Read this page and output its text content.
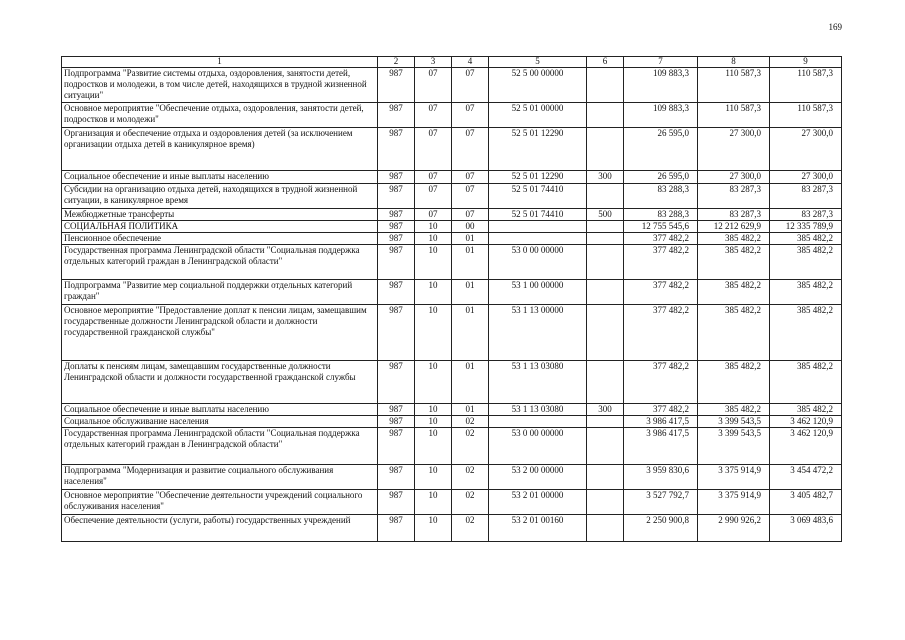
169
1	2	3	4	5	6	7	8	9
Подпрограмма "Развитие системы отдыха, оздоровления, занятости детей, подростков и молодежи, в том числе детей, находящихся в трудной жизненной ситуации"	987	07	07	52 5 00 00000		109 883,3	110 587,3	110 587,3
Основное мероприятие "Обеспечение отдыха, оздоровления, занятости детей, подростков и молодежи"	987	07	07	52 5 01 00000		109 883,3	110 587,3	110 587,3
Организация и обеспечение отдыха и оздоровления детей (за исключением организации отдыха детей в каникулярное время)	987	07	07	52 5 01 12290		26 595,0	27 300,0	27 300,0
Социальное обеспечение и иные выплаты населению	987	07	07	52 5 01 12290	300	26 595,0	27 300,0	27 300,0
Субсидии на организацию отдыха детей, находящихся в трудной жизненной ситуации, в каникулярное время	987	07	07	52 5 01 74410		83 288,3	83 287,3	83 287,3
Межбюджетные трансферты	987	07	07	52 5 01 74410	500	83 288,3	83 287,3	83 287,3
СОЦИАЛЬНАЯ ПОЛИТИКА	987	10	00			12 755 545,6	12 212 629,9	12 335 789,9
Пенсионное обеспечение	987	10	01			377 482,2	385 482,2	385 482,2
Государственная программа Ленинградской области "Социальная поддержка отдельных категорий граждан в Ленинградской области"	987	10	01	53 0 00 00000		377 482,2	385 482,2	385 482,2
Подпрограмма "Развитие мер социальной поддержки отдельных категорий граждан"	987	10	01	53 1 00 00000		377 482,2	385 482,2	385 482,2
Основное мероприятие "Предоставление доплат к пенсии лицам, замещавшим государственные должности Ленинградской области и должности государственной гражданской службы"	987	10	01	53 1 13 00000		377 482,2	385 482,2	385 482,2
Доплаты к пенсиям лицам, замещавшим государственные должности Ленинградской области и должности государственной гражданской службы	987	10	01	53 1 13 03080		377 482,2	385 482,2	385 482,2
Социальное обеспечение и иные выплаты населению	987	10	01	53 1 13 03080	300	377 482,2	385 482,2	385 482,2
Социальное обслуживание населения	987	10	02			3 986 417,5	3 399 543,5	3 462 120,9
Государственная программа Ленинградской области "Социальная поддержка отдельных категорий граждан в Ленинградской области"	987	10	02	53 0 00 00000		3 986 417,5	3 399 543,5	3 462 120,9
Подпрограмма "Модернизация и развитие социального обслуживания населения"	987	10	02	53 2 00 00000		3 959 830,6	3 375 914,9	3 454 472,2
Основное мероприятие "Обеспечение деятельности учреждений социального обслуживания населения"	987	10	02	53 2 01 00000		3 527 792,7	3 375 914,9	3 405 482,7
Обеспечение деятельности (услуги, работы) государственных учреждений	987	10	02	53 2 01 00160		2 250 900,8	2 990 926,2	3 069 483,6
